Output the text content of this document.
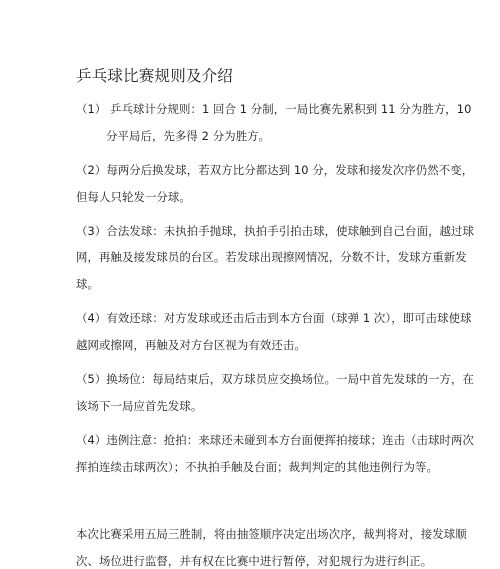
乒乓球比赛规则及介绍
（1） 乒乓球计分规则：1 回合 1 分制，一局比赛先累积到 11 分为胜方，10
分平局后，先多得 2 分为胜方。
（2）每两分后换发球，若双方比分都达到 10 分，发球和接发次序仍然不变，
但每人只轮发一分球。
（3）合法发球：未执拍手抛球，执拍手引拍击球，使球触到自己台面，越过球
网，再触及接发球员的台区。若发球出现擦网情况，分数不计，发球方重新发
球。
（4）有效还球：对方发球或还击后击到本方台面（球弹 1 次），即可击球使球
越网或擦网，再触及对方台区视为有效还击。
（5）换场位：每局结束后，双方球员应交换场位。一局中首先发球的一方，在
该场下一局应首先发球。
（4）违例注意：抢拍：来球还未碰到本方台面便挥拍接球；连击（击球时两次
挥拍连续击球两次）；不执拍手触及台面；裁判判定的其他违例行为等。
本次比赛采用五局三胜制，将由抽签顺序决定出场次序，裁判将对，接发球顺
次、场位进行监督，并有权在比赛中进行暂停，对犯规行为进行纠正。
